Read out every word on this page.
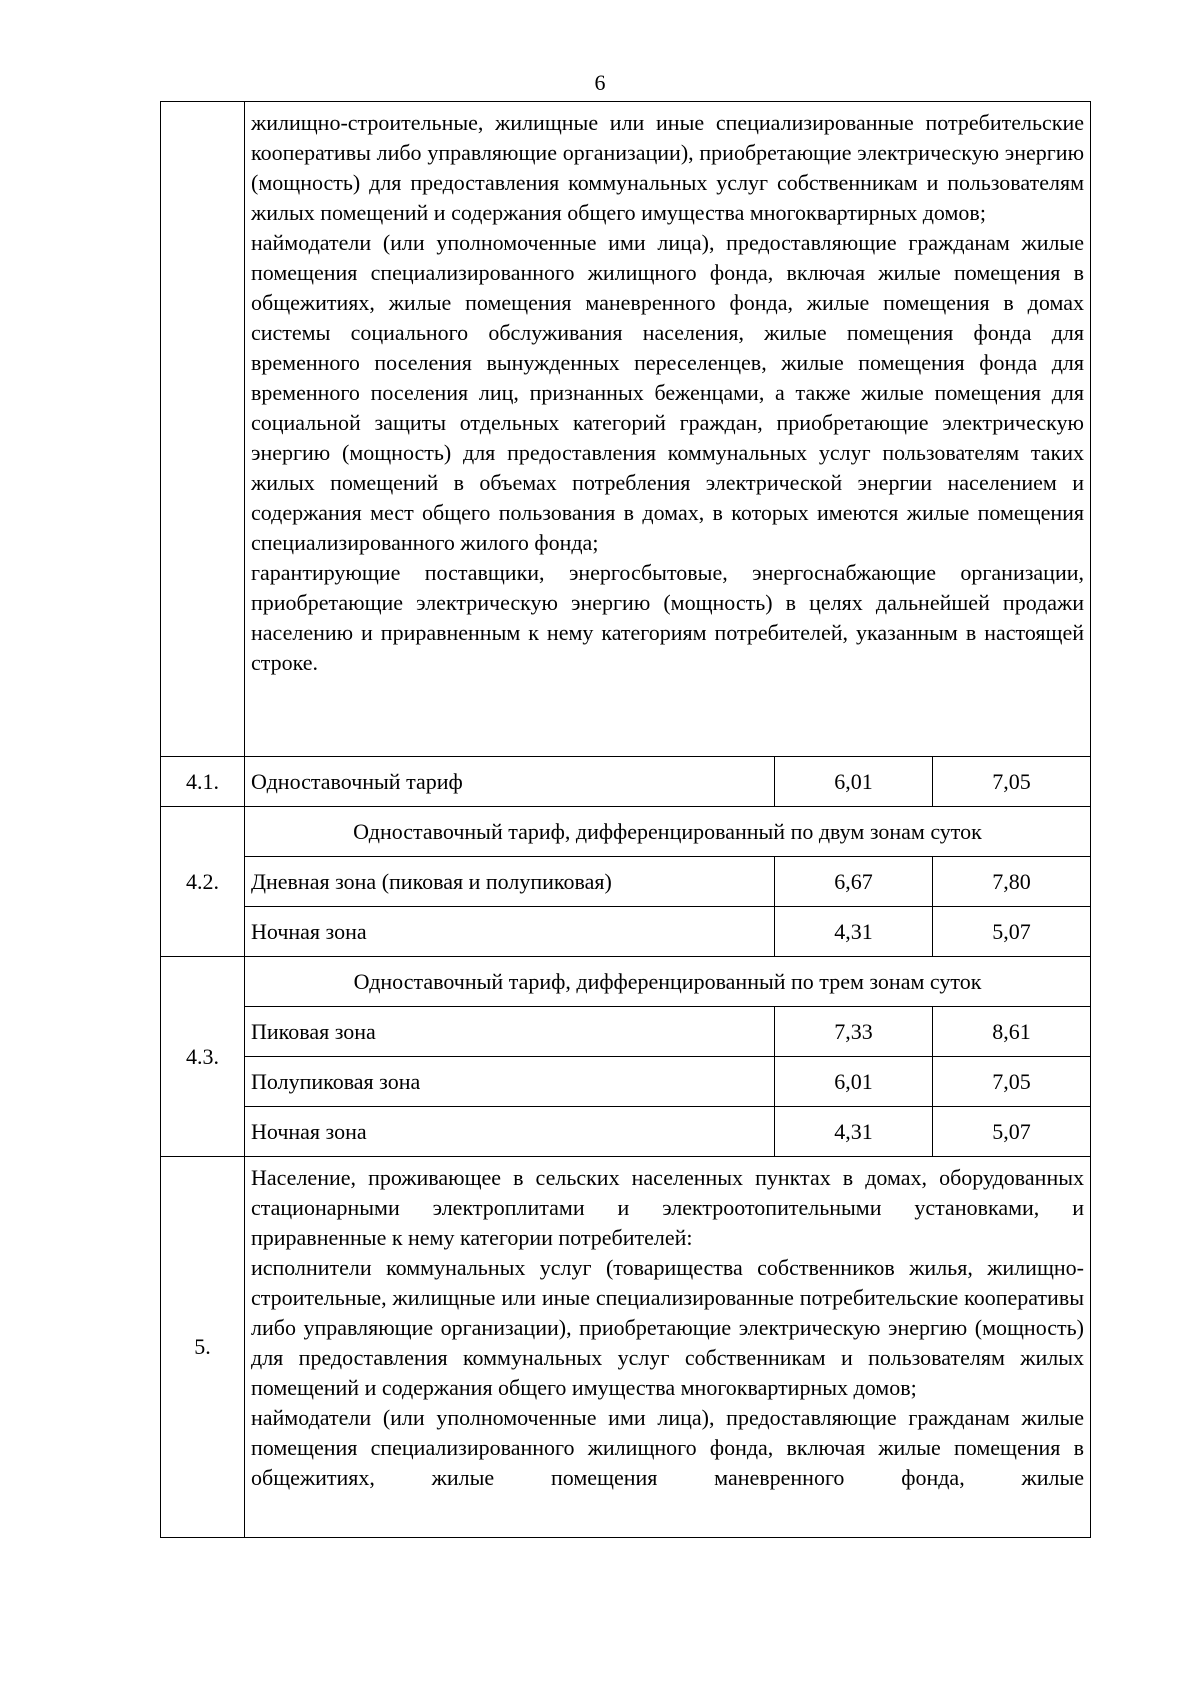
6

	жилищно-строительные, жилищные или иные специализированные потребительские кооперативы либо управляющие организации), приобретающие электрическую энергию (мощность) для предоставления коммунальных услуг собственникам и пользователям жилых помещений и содержания общего имущества многоквартирных домов;

наймодатели (или уполномоченные ими лица), предоставляющие гражданам жилые помещения специализированного жилищного фонда, включая жилые помещения в общежитиях, жилые помещения маневренного фонда, жилые помещения в домах системы социального обслуживания населения, жилые помещения фонда для временного поселения вынужденных переселенцев, жилые помещения фонда для временного поселения лиц, признанных беженцами, а также жилые помещения для социальной защиты отдельных категорий граждан, приобретающие электрическую энергию (мощность) для предоставления коммунальных услуг пользователям таких жилых помещений в объемах потребления электрической энергии населением и содержания мест общего пользования в домах, в которых имеются жилые помещения специализированного жилого фонда;

гарантирующие поставщики, энергосбытовые, энергоснабжающие организации, приобретающие электрическую энергию (мощность) в целях дальнейшей продажи населению и приравненным к нему категориям потребителей, указанным в настоящей строке.		

4.1.	Одноставочный тариф	6,01	7,05
4.2.	Одноставочный тариф, дифференцированный по двум зонам суток		
	Дневная зона (пиковая и полупиковая)	6,67	7,80
	Ночная зона	4,31	5,07
4.3.	Одноставочный тариф, дифференцированный по трем зонам суток		
	Пиковая зона	7,33	8,61
	Полупиковая зона	6,01	7,05
	Ночная зона	4,31	5,07
5.	Население, проживающее в сельских населенных пунктах в домах, оборудованных стационарными электроплитами и электроотопительными установками, и приравненные к нему категории потребителей:

исполнители коммунальных услуг (товарищества собственников жилья, жилищно-строительные, жилищные или иные специализированные потребительские кооперативы либо управляющие организации), приобретающие электрическую энергию (мощность) для предоставления коммунальных услуг собственникам и пользователям жилых помещений и содержания общего имущества многоквартирных домов;

наймодатели (или уполномоченные ими лица), предоставляющие гражданам жилые помещения специализированного жилищного фонда, включая жилые помещения в общежитиях, жилые помещения маневренного фонда, жилые		
